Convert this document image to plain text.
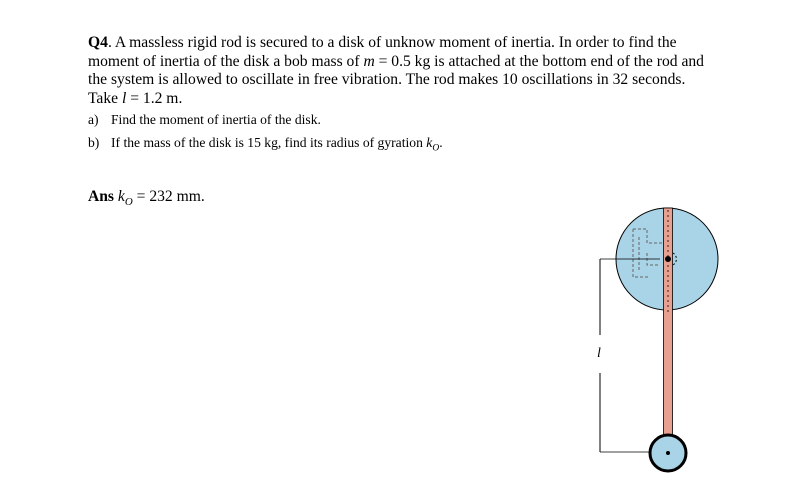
Q4. A massless rigid rod is secured to a disk of unknow moment of inertia. In order to find the moment of inertia of the disk a bob mass of m = 0.5 kg is attached at the bottom end of the rod and the system is allowed to oscillate in free vibration. The rod makes 10 oscillations in 32 seconds. Take l = 1.2 m.

a) Find the moment of inertia of the disk.
b) If the mass of the disk is 15 kg, find its radius of gyration $k_O$.
Ans $k_O = 232$ mm.
l
